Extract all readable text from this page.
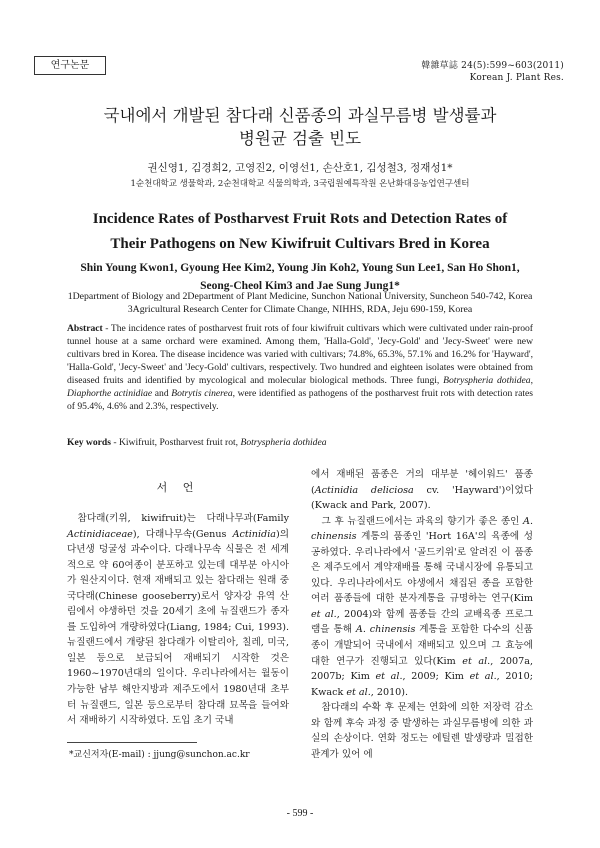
연구논문	韓雜草誌 24(5):599~603(2011)
Korean J. Plant Res.
국내에서 개발된 참다래 신품종의 과실무름병 발생률과
병원균 검출 빈도
권신영1, 김경희2, 고영진2, 이영선1, 손산호1, 김성철3, 정재성1*
1순천대학교 생물학과, 2순천대학교 식물의학과, 3국립원예특작원 온난화대응농업연구센터
Incidence Rates of Postharvest Fruit Rots and Detection Rates of
Their Pathogens on New Kiwifruit Cultivars Bred in Korea
Shin Young Kwon1, Gyoung Hee Kim2, Young Jin Koh2, Young Sun Lee1, San Ho Shon1,
Seong-Cheol Kim3 and Jae Sung Jung1*
1Department of Biology and 2Department of Plant Medicine, Sunchon National University, Suncheon 540-742, Korea
3Agricultural Research Center for Climate Change, NIHHS, RDA, Jeju 690-159, Korea
Abstract - The incidence rates of postharvest fruit rots of four kiwifruit cultivars which were cultivated under rain-proof tunnel house at a same orchard were examined. Among them, 'Halla-Gold', 'Jecy-Gold' and 'Jecy-Sweet' were new cultivars bred in Korea. The disease incidence was varied with cultivars; 74.8%, 65.3%, 57.1% and 16.2% for 'Hayward', 'Halla-Gold', 'Jecy-Sweet' and 'Jecy-Gold' cultivars, respectively. Two hundred and eighteen isolates were obtained from diseased fruits and identified by mycological and molecular biological methods. Three fungi, Botryspheria dothidea, Diaphorthe actinidiae and Botrytis cinerea, were identified as pathogens of the postharvest fruit rots with detection rates of 95.4%, 4.6% and 2.3%, respectively.
Key words - Kiwifruit, Postharvest fruit rot, Botryspheria dothidea
서 언

참다래(키위, kiwifruit)는 다래나무과(Family Actinidiaceae), 다래나무속(Genus Actinidia)의 다년생 덩굴성 과수이다. 다래나무속 식물은 전 세계적으로 약 60여종이 분포하고 있는데 대부분 아시아가 원산지이다. 현재 재배되고 있는 참다래는 원래 중국다래(Chinese gooseberry)로서 양자강 유역 산림에서 야생하던 것을 20세기 초에 뉴질랜드가 종자를 도입하여 개량하였다(Liang, 1984; Cui, 1993). 뉴질랜드에서 개량된 참다래가 이탈리아, 칠레, 미국, 일본 등으로 보급되어 재배되기 시작한 것은 1960~1970년대의 일이다. 우리나라에서는 월동이 가능한 남부 해안지방과 제주도에서 1980년대 초부터 뉴질랜드, 일본 등으로부터 참다래 묘목을 들여와서 재배하기 시작하였다. 도입 초기 국내

에서 재배된 품종은 거의 대부분 '헤이워드' 품종(Actinidia deliciosa cv. 'Hayward')이었다(Kwack and Park, 2007).

그 후 뉴질랜드에서는 과육의 향기가 좋은 종인 A. chinensis 계통의 품종인 'Hort 16A'의 육종에 성공하였다. 우리나라에서 '골드키위'로 알려진 이 품종은 제주도에서 계약재배를 통해 국내시장에 유통되고 있다. 우리나라에서도 야생에서 채집된 종을 포함한 여러 품종들에 대한 분자계통을 규명하는 연구(Kim et al., 2004)와 함께 품종들 간의 교배육종 프로그램을 통해 A. chinensis 계통을 포함한 다수의 신품종이 개발되어 국내에서 재배되고 있으며 그 효능에 대한 연구가 진행되고 있다(Kim et al., 2007a, 2007b; Kim et al., 2009; Kim et al., 2010; Kwack et al., 2010).

참다래의 수확 후 문제는 연화에 의한 저장력 감소와 함께 후숙 과정 중 발생하는 과실무름병에 의한 과실의 손상이다. 연화 정도는 에틸렌 발생량과 밀접한 관계가 있어 에

*교신저자(E-mail) : jjung@sunchon.ac.kr
- 599 -
